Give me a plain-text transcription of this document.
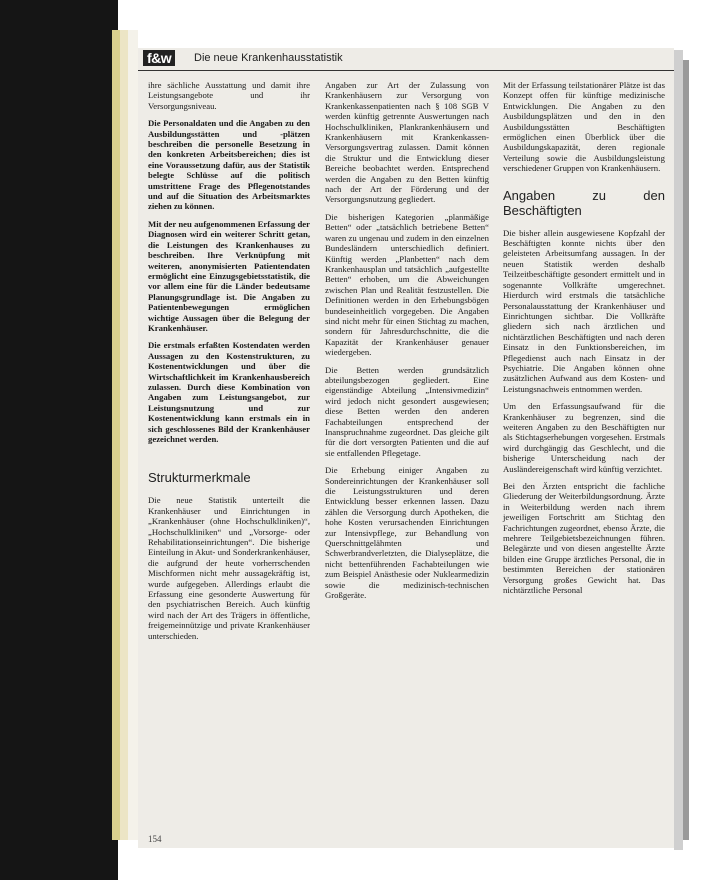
f&w	Die neue Krankenhausstatistik

ihre sächliche Ausstattung und damit ihre Leistungsangebote und ihr Versorgungsniveau.

Die Personaldaten und die Angaben zu den Ausbildungsstätten und -plätzen beschreiben die personelle Besetzung in den konkreten Arbeitsbereichen; dies ist eine Voraussetzung dafür, aus der Statistik belegte Schlüsse auf die politisch umstrittene Frage des Pflegenotstandes und auf die Situation des Arbeitsmarktes ziehen zu können.

Mit der neu aufgenommenen Erfassung der Diagnosen wird ein weiterer Schritt getan, die Leistungen des Krankenhauses zu beschreiben. Ihre Verknüpfung mit weiteren, anonymisierten Patientendaten ermöglicht eine Einzugsgebietsstatistik, die vor allem eine für die Länder bedeutsame Planungsgrundlage ist. Die Angaben zu Patientenbewegungen ermöglichen wichtige Aussagen über die Belegung der Krankenhäuser.

Die erstmals erfaßten Kostendaten werden Aussagen zu den Kostenstrukturen, zu Kostenentwicklungen und über die Wirtschaftlichkeit im Krankenhausbereich zulassen. Durch diese Kombination von Angaben zum Leistungsangebot, zur Leistungsnutzung und zur Kostenentwicklung kann erstmals ein in sich geschlossenes Bild der Krankenhäuser gezeichnet werden.

Strukturmerkmale

Die neue Statistik unterteilt die Krankenhäuser und Einrichtungen in „Krankenhäuser (ohne Hochschulkliniken)“, „Hochschulkliniken“ und „Vorsorge- oder Rehabilitationseinrichtungen“. Die bisherige Einteilung in Akut- und Sonderkrankenhäuser, die aufgrund der heute vorherrschenden Mischformen nicht mehr aussagekräftig ist, wurde aufgegeben. Allerdings erlaubt die Erfassung eine gesonderte Auswertung für den psychiatrischen Bereich. Auch künftig wird nach der Art des Trägers in öffentliche, freigemeinnützige und private Krankenhäuser unterschieden.

Angaben zur Art der Zulassung von Krankenhäusern zur Versorgung von Krankenkassenpatienten nach § 108 SGB V werden künftig getrennte Auswertungen nach Hochschulkliniken, Plankrankenhäusern und Krankenhäusern mit Krankenkassen-Versorgungsvertrag zulassen. Damit können die Struktur und die Entwicklung dieser Bereiche beobachtet werden. Entsprechend werden die Angaben zu den Betten künftig nach der Art der Förderung und der Versorgungsnutzung gegliedert.

Die bisherigen Kategorien „planmäßige Betten“ oder „tatsächlich betriebene Betten“ waren zu ungenau und zudem in den einzelnen Bundesländern unterschiedlich definiert. Künftig werden „Planbetten“ nach dem Krankenhausplan und tatsächlich „aufgestellte Betten“ erhoben, um die Abweichungen zwischen Plan und Realität festzustellen. Die Definitionen werden in den Erhebungsbögen bundeseinheitlich vorgegeben. Die Angaben sind nicht mehr für einen Stichtag zu machen, sondern für Jahresdurchschnitte, die die Kapazität der Krankenhäuser genauer wiedergeben.

Die Betten werden grundsätzlich abteilungsbezogen gegliedert. Eine eigenständige Abteilung „Intensivmedizin“ wird jedoch nicht gesondert ausgewiesen; diese Betten werden den anderen Fachabteilungen entsprechend der Inanspruchnahme zugeordnet. Das gleiche gilt für die dort versorgten Patienten und die auf sie entfallenden Pflegetage.

Die Erhebung einiger Angaben zu Sondereinrichtungen der Krankenhäuser soll die Leistungsstrukturen und deren Entwicklung besser erkennen lassen. Dazu zählen die Versorgung durch Apotheken, die hohe Kosten verursachenden Einrichtungen zur Intensivpflege, zur Behandlung von Querschnittgelähmten und Schwerbrandverletzten, die Dialyseplätze, die nicht bettenführenden Fachabteilungen wie zum Beispiel Anästhesie oder Nuklearmedizin sowie die medizinisch-technischen Großgeräte.

Mit der Erfassung teilstationärer Plätze ist das Konzept offen für künftige medizinische Entwicklungen. Die Angaben zu den Ausbildungsplätzen und den in den Ausbildungsstätten Beschäftigten ermöglichen einen Überblick über die Ausbildungskapazität, deren regionale Verteilung sowie die Ausbildungsleistung verschiedener Gruppen von Krankenhäusern.

Angaben zu den Beschäftigten

Die bisher allein ausgewiesene Kopfzahl der Beschäftigten konnte nichts über den geleisteten Arbeitsumfang aussagen. In der neuen Statistik werden deshalb Teilzeitbeschäftigte gesondert ermittelt und in sogenannte Vollkräfte umgerechnet. Hierdurch wird erstmals die tatsächliche Personalausstattung der Krankenhäuser und Einrichtungen sichtbar. Die Vollkräfte gliedern sich nach ärztlichen und nichtärztlichen Beschäftigten und nach deren Einsatz in den Funktionsbereichen, im Pflegedienst auch nach Einsatz in der Psychiatrie. Die Angaben können ohne zusätzlichen Aufwand aus dem Kosten- und Leistungsnachweis entnommen werden.

Um den Erfassungsaufwand für die Krankenhäuser zu begrenzen, sind die weiteren Angaben zu den Beschäftigten nur als Stichtagserhebungen vorgesehen. Erstmals wird durchgängig das Geschlecht, und die bisherige Unterscheidung nach der Ausländereigenschaft wird künftig verzichtet.

Bei den Ärzten entspricht die fachliche Gliederung der Weiterbildungsordnung. Ärzte in Weiterbildung werden nach ihrem jeweiligen Fortschritt am Stichtag den Fachrichtungen zugeordnet, ebenso Ärzte, die mehrere Teilgebietsbezeichnungen führen. Belegärzte und von diesen angestellte Ärzte bilden eine Gruppe ärztliches Personal, die in bestimmten Bereichen der stationären Versorgung großes Gewicht hat. Das nichtärztliche Personal

154
